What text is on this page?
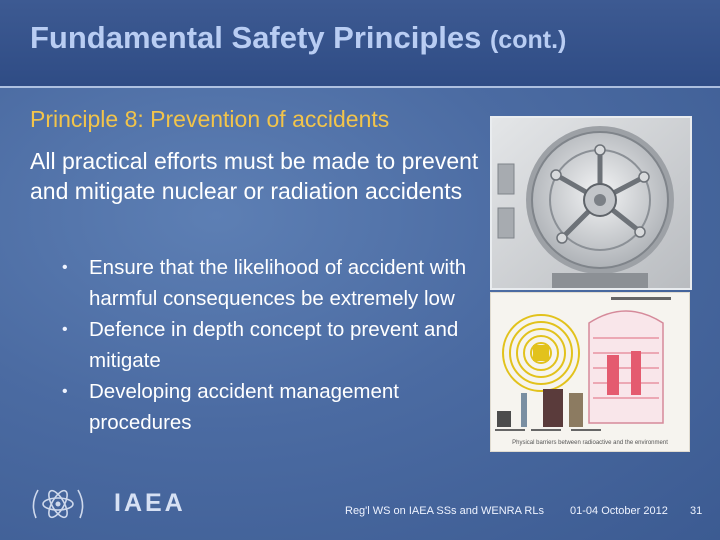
Fundamental Safety Principles (cont.)
Principle 8: Prevention of accidents
All practical efforts must be made to prevent and mitigate nuclear or radiation accidents
• Ensure that the likelihood of accident with harmful consequences be extremely low
• Defence in depth concept to prevent and mitigate
• Developing accident management procedures
Physical barriers between radioactive and the environment
IAEA	Reg'l WS on IAEA SSs and WENRA RLs 01-04 October 2012 31
